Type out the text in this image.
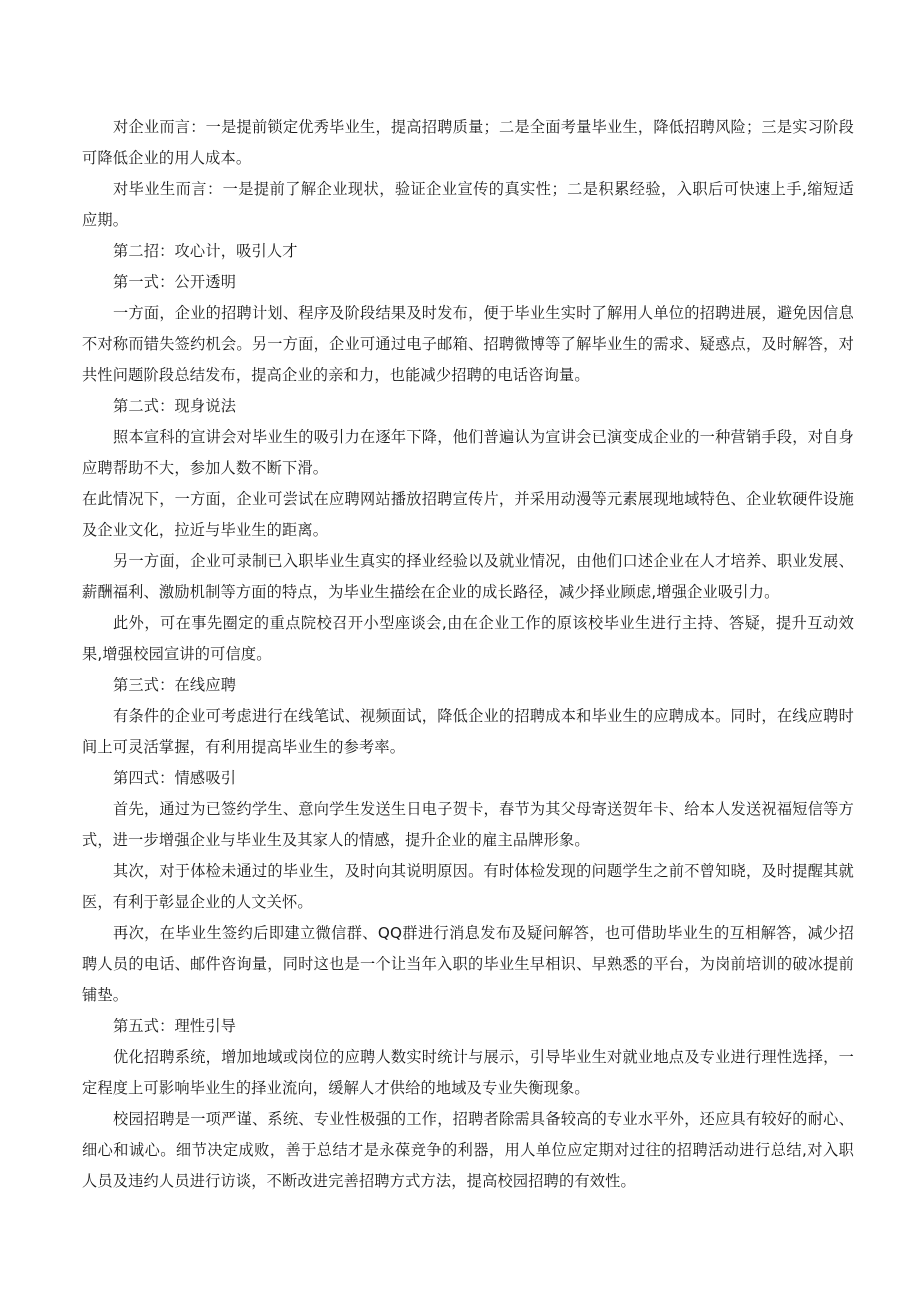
对企业而言：一是提前锁定优秀毕业生，提高招聘质量；二是全面考量毕业生，降低招聘风险；三是实习阶段可降低企业的用人成本。

对毕业生而言：一是提前了解企业现状，验证企业宣传的真实性；二是积累经验，入职后可快速上手,缩短适应期。

第二招：攻心计，吸引人才

第一式：公开透明

一方面，企业的招聘计划、程序及阶段结果及时发布，便于毕业生实时了解用人单位的招聘进展，避免因信息不对称而错失签约机会。另一方面，企业可通过电子邮箱、招聘微博等了解毕业生的需求、疑惑点，及时解答，对共性问题阶段总结发布，提高企业的亲和力，也能减少招聘的电话咨询量。

第二式：现身说法

照本宣科的宣讲会对毕业生的吸引力在逐年下降，他们普遍认为宣讲会已演变成企业的一种营销手段，对自身应聘帮助不大，参加人数不断下滑。

在此情况下，一方面，企业可尝试在应聘网站播放招聘宣传片，并采用动漫等元素展现地域特色、企业软硬件设施及企业文化，拉近与毕业生的距离。

另一方面，企业可录制已入职毕业生真实的择业经验以及就业情况，由他们口述企业在人才培养、职业发展、薪酬福利、激励机制等方面的特点，为毕业生描绘在企业的成长路径，减少择业顾虑,增强企业吸引力。

此外，可在事先圈定的重点院校召开小型座谈会,由在企业工作的原该校毕业生进行主持、答疑，提升互动效果,增强校园宣讲的可信度。

第三式：在线应聘

有条件的企业可考虑进行在线笔试、视频面试，降低企业的招聘成本和毕业生的应聘成本。同时，在线应聘时间上可灵活掌握，有利用提高毕业生的参考率。

第四式：情感吸引

首先，通过为已签约学生、意向学生发送生日电子贺卡，春节为其父母寄送贺年卡、给本人发送祝福短信等方式，进一步增强企业与毕业生及其家人的情感，提升企业的雇主品牌形象。

其次，对于体检未通过的毕业生，及时向其说明原因。有时体检发现的问题学生之前不曾知晓，及时提醒其就医，有利于彰显企业的人文关怀。

再次，在毕业生签约后即建立微信群、QQ群进行消息发布及疑问解答，也可借助毕业生的互相解答，减少招聘人员的电话、邮件咨询量，同时这也是一个让当年入职的毕业生早相识、早熟悉的平台，为岗前培训的破冰提前铺垫。

第五式：理性引导

优化招聘系统，增加地域或岗位的应聘人数实时统计与展示，引导毕业生对就业地点及专业进行理性选择，一定程度上可影响毕业生的择业流向，缓解人才供给的地域及专业失衡现象。

校园招聘是一项严谨、系统、专业性极强的工作，招聘者除需具备较高的专业水平外，还应具有较好的耐心、细心和诚心。细节决定成败，善于总结才是永葆竞争的利器，用人单位应定期对过往的招聘活动进行总结,对入职人员及违约人员进行访谈，不断改进完善招聘方式方法，提高校园招聘的有效性。
